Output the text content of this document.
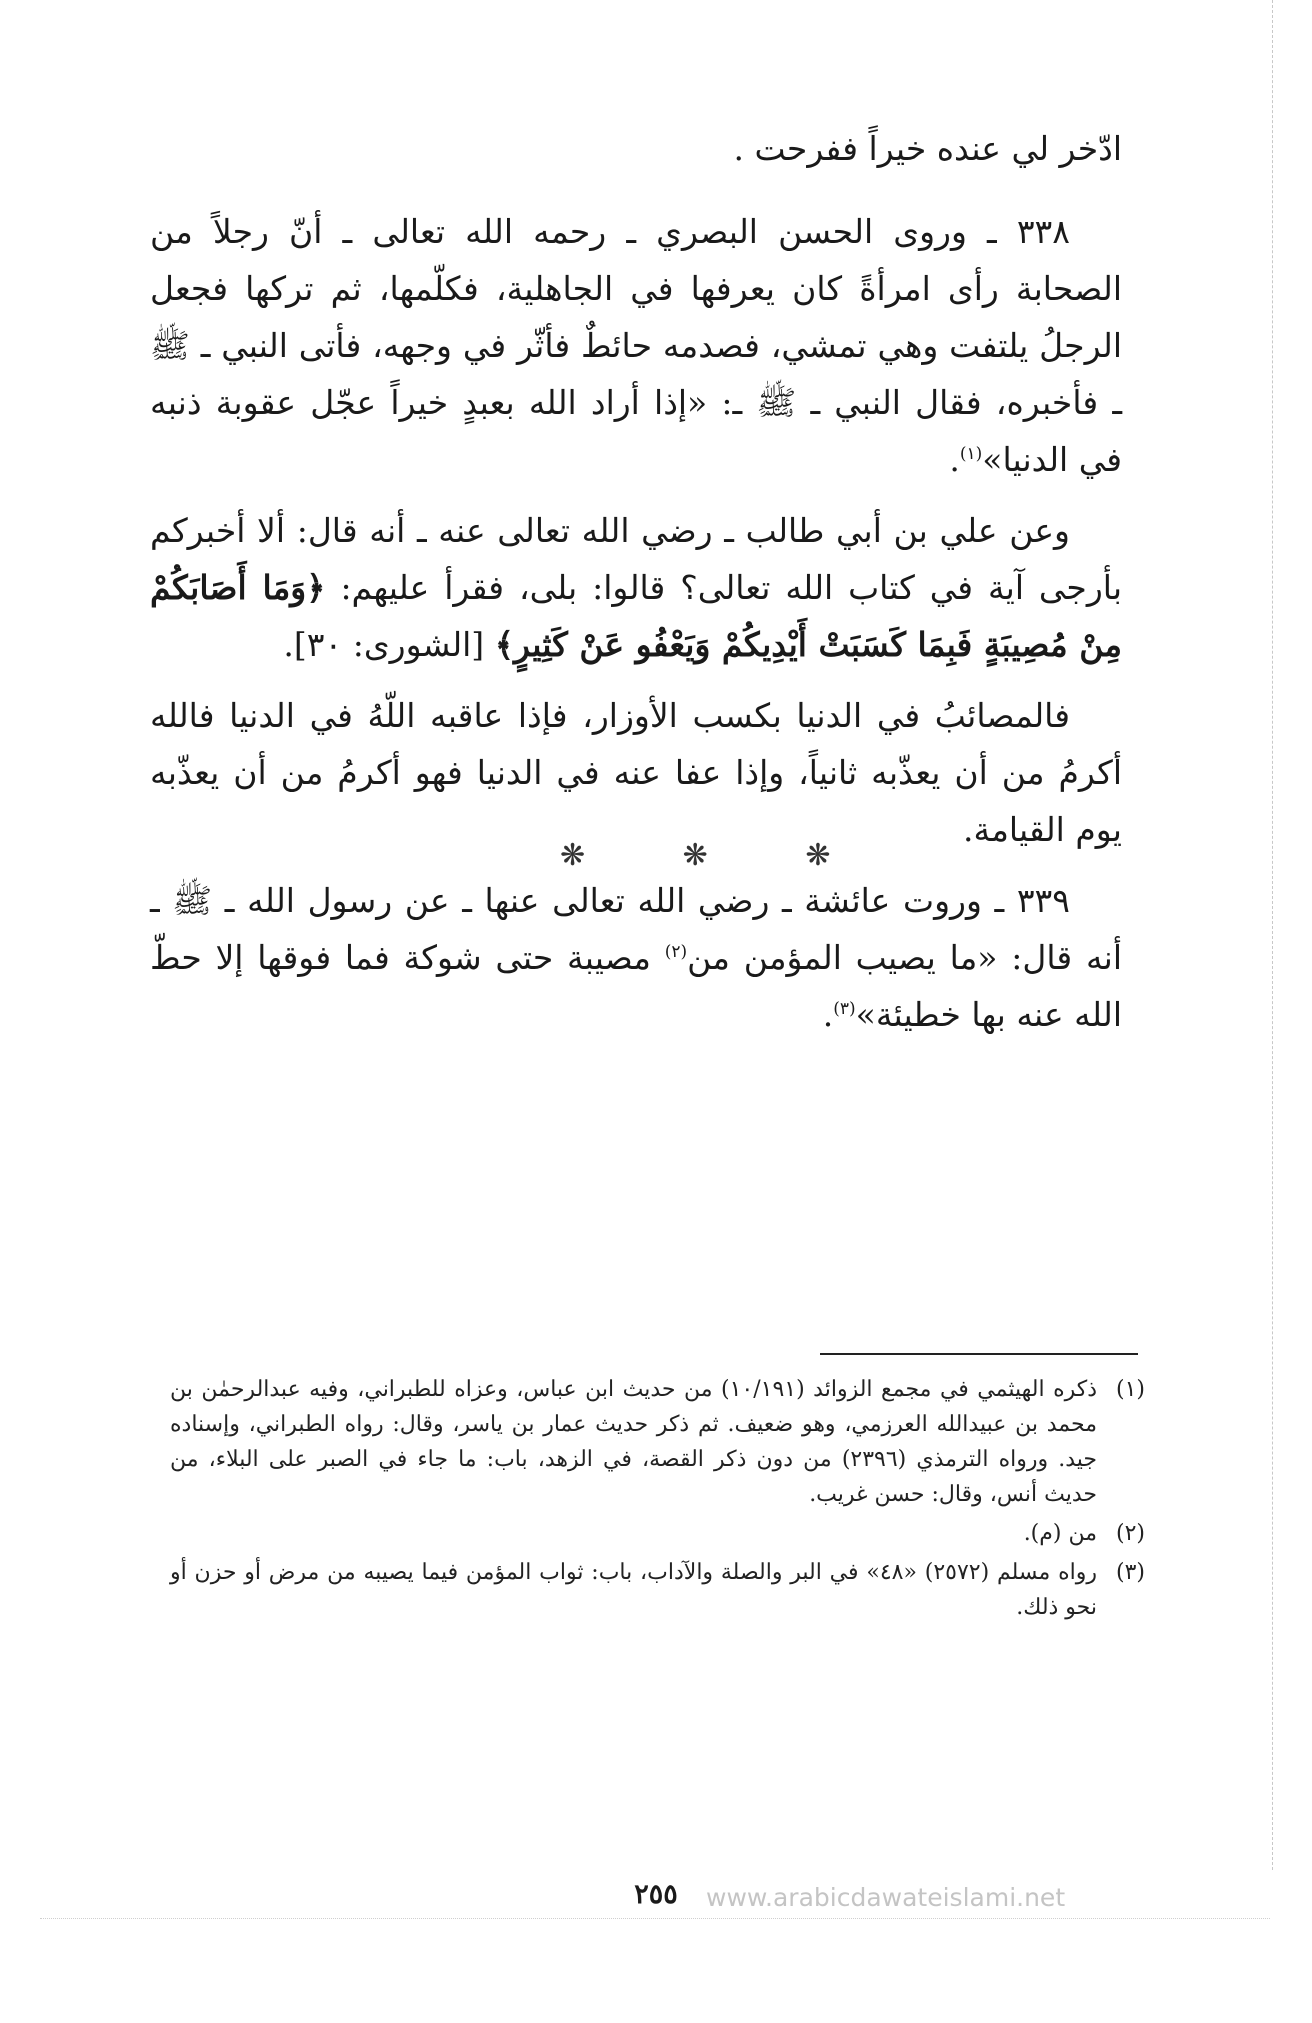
ادّخر لي عنده خيراً ففرحت .

٣٣٨ ـ وروى الحسن البصري ـ رحمه الله تعالى ـ أنّ رجلاً من الصحابة رأى امرأةً كان يعرفها في الجاهلية، فكلّمها، ثم تركها فجعل الرجلُ يلتفت وهي تمشي، فصدمه حائطٌ فأثّر في وجهه، فأتى النبي ـ ﷺ ـ فأخبره، فقال النبي ـ ﷺ ـ: «إذا أراد الله بعبدٍ خيراً عجّل عقوبة ذنبه في الدنيا»$^{(١)}$.

وعن علي بن أبي طالب ـ رضي الله تعالى عنه ـ أنه قال: ألا أخبركم بأرجى آية في كتاب الله تعالى؟ قالوا: بلى، فقرأ عليهم: ﴿وَمَا أَصَابَكُمْ مِنْ مُصِيبَةٍ فَبِمَا كَسَبَتْ أَيْدِيكُمْ وَيَعْفُو عَنْ كَثِيرٍ﴾ [الشورى: ٣٠].

فالمصائبُ في الدنيا بكسب الأوزار، فإذا عاقبه اللّهُ في الدنيا فالله أكرمُ من أن يعذّبه ثانياً، وإذا عفا عنه في الدنيا فهو أكرمُ من أن يعذّبه يوم القيامة.

٣٣٩ ـ وروت عائشة ـ رضي الله تعالى عنها ـ عن رسول الله ـ ﷺ ـ أنه قال: «ما يصيب المؤمن من$^{(٢)}$ مصيبة حتى شوكة فما فوقها إلا حطّ الله عنه بها خطيئة»$^{(٣)}$.

❋ ❋ ❋
(١)
ذكره الهيثمي في مجمع الزوائد (١٠/١٩١) من حديث ابن عباس، وعزاه للطبراني، وفيه عبدالرحمٰن بن محمد بن عبيدالله العرزمي، وهو ضعيف. ثم ذكر حديث عمار بن ياسر، وقال: رواه الطبراني، وإسناده جيد. ورواه الترمذي (٢٣٩٦) من دون ذكر القصة، في الزهد، باب: ما جاء في الصبر على البلاء، من حديث أنس، وقال: حسن غريب.
(٢)
من (م).
(٣)
رواه مسلم (٢٥٧٢) «٤٨» في البر والصلة والآداب، باب: ثواب المؤمن فيما يصيبه من مرض أو حزن أو نحو ذلك.
٢٥٥	www.arabicdawateislami.net
